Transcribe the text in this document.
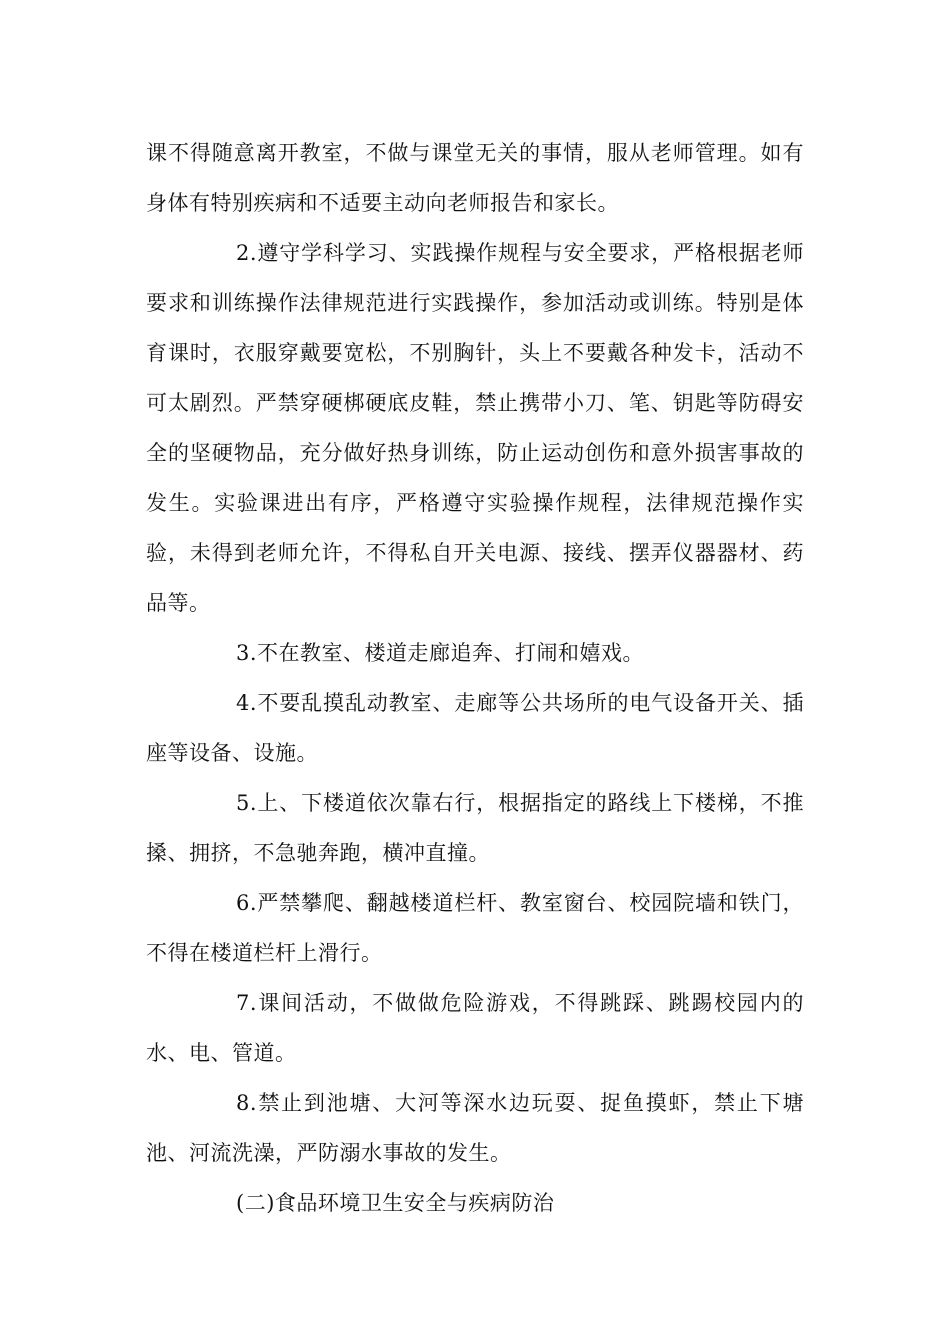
课不得随意离开教室，不做与课堂无关的事情，服从老师管理。如有身体有特别疾病和不适要主动向老师报告和家长。

2.遵守学科学习、实践操作规程与安全要求，严格根据老师要求和训练操作法律规范进行实践操作，参加活动或训练。特别是体育课时，衣服穿戴要宽松，不别胸针，头上不要戴各种发卡，活动不可太剧烈。严禁穿硬梆硬底皮鞋，禁止携带小刀、笔、钥匙等防碍安全的坚硬物品，充分做好热身训练，防止运动创伤和意外损害事故的发生。实验课进出有序，严格遵守实验操作规程，法律规范操作实验，未得到老师允许，不得私自开关电源、接线、摆弄仪器器材、药品等。

3.不在教室、楼道走廊追奔、打闹和嬉戏。

4.不要乱摸乱动教室、走廊等公共场所的电气设备开关、插座等设备、设施。

5.上、下楼道依次靠右行，根据指定的路线上下楼梯，不推搡、拥挤，不急驰奔跑，横冲直撞。

6.严禁攀爬、翻越楼道栏杆、教室窗台、校园院墙和铁门，不得在楼道栏杆上滑行。

7.课间活动，不做做危险游戏，不得跳踩、跳踢校园内的水、电、管道。

8.禁止到池塘、大河等深水边玩耍、捉鱼摸虾，禁止下塘池、河流洗澡，严防溺水事故的发生。

(二)食品环境卫生安全与疾病防治
